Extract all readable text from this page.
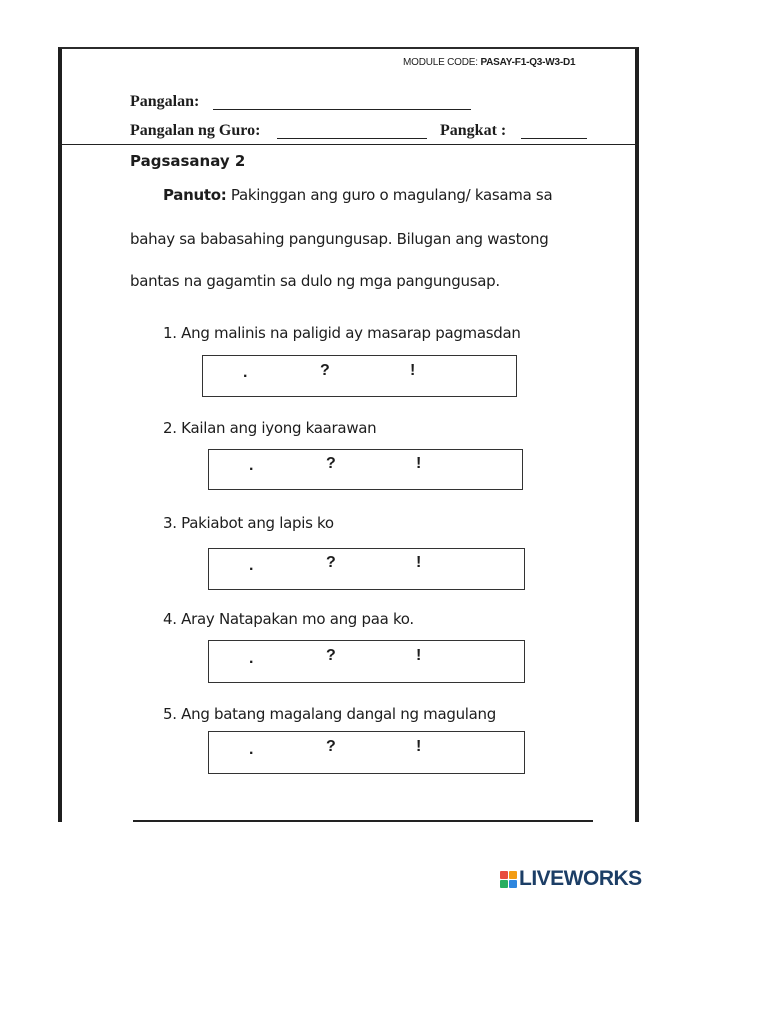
MODULE CODE: PASAY-F1-Q3-W3-D1
Pangalan:
Pangalan ng Guro:	Pangkat :
Pagsasanay 2
Panuto: Pakinggan ang guro o magulang/ kasama sa
bahay sa babasahing pangungusap. Bilugan ang wastong
bantas na gagamtin sa dulo ng mga pangungusap.
1. Ang malinis na paligid ay masarap pagmasdan
.	?	!
2. Kailan ang iyong kaarawan
.	?	!
3. Pakiabot ang lapis ko
.	?	!
4. Aray Natapakan mo ang paa ko.
.	?	!
5. Ang batang magalang dangal ng magulang
.	?	!
LIVEWORKS
